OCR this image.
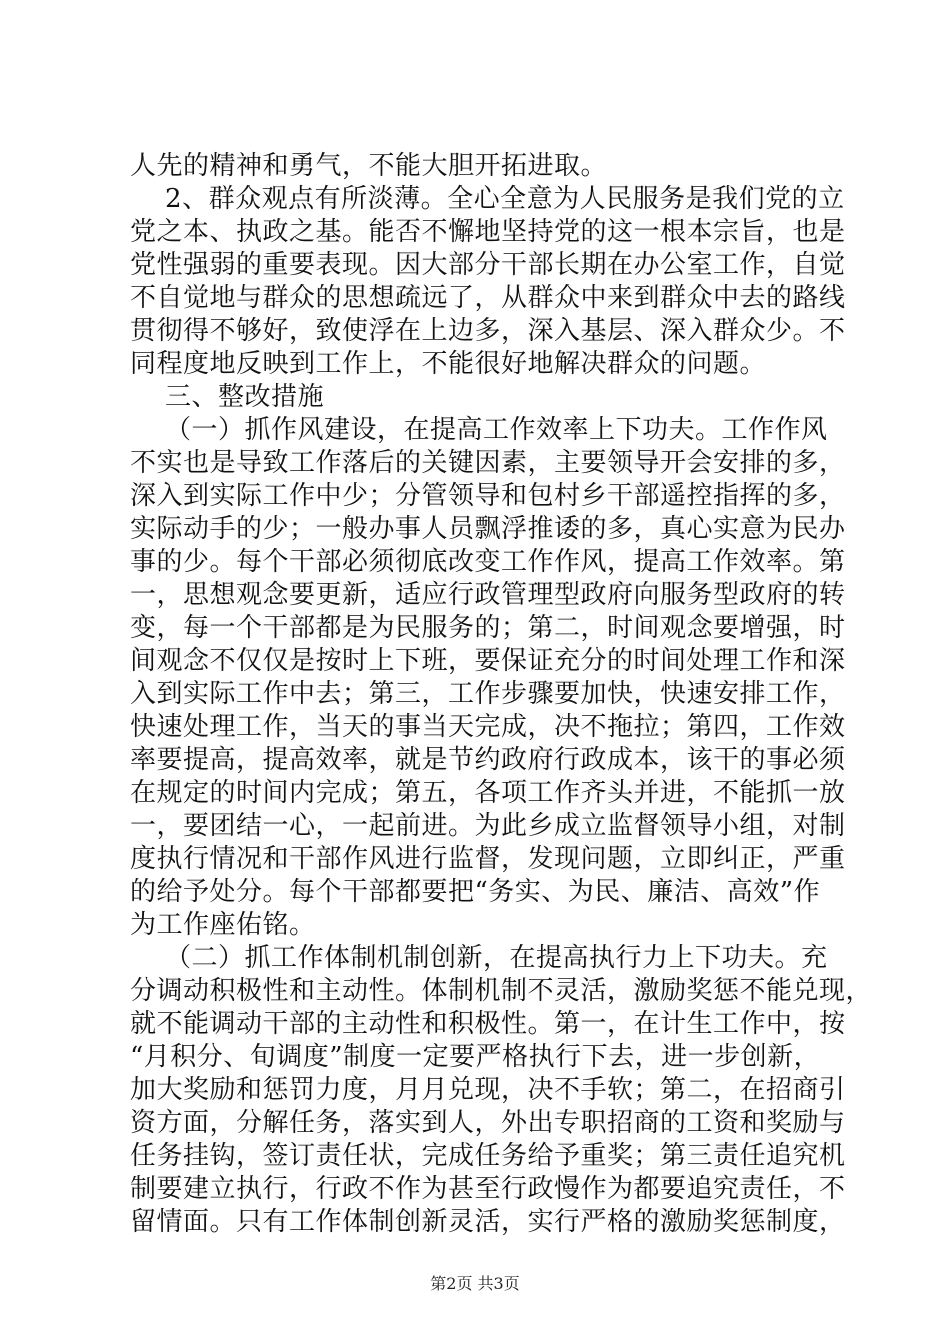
人先的精神和勇气，不能大胆开拓进取。
2、群众观点有所淡薄。全心全意为人民服务是我们党的立
党之本、执政之基。能否不懈地坚持党的这一根本宗旨，也是
党性强弱的重要表现。因大部分干部长期在办公室工作，自觉
不自觉地与群众的思想疏远了，从群众中来到群众中去的路线
贯彻得不够好，致使浮在上边多，深入基层、深入群众少。不
同程度地反映到工作上，不能很好地解决群众的问题。
三、整改措施
（一）抓作风建设，在提高工作效率上下功夫。工作作风
不实也是导致工作落后的关键因素，主要领导开会安排的多，
深入到实际工作中少；分管领导和包村乡干部遥控指挥的多，
实际动手的少；一般办事人员飘浮推诿的多，真心实意为民办
事的少。每个干部必须彻底改变工作作风，提高工作效率。第
一，思想观念要更新，适应行政管理型政府向服务型政府的转
变，每一个干部都是为民服务的；第二，时间观念要增强，时
间观念不仅仅是按时上下班，要保证充分的时间处理工作和深
入到实际工作中去；第三，工作步骤要加快，快速安排工作，
快速处理工作，当天的事当天完成，决不拖拉；第四，工作效
率要提高，提高效率，就是节约政府行政成本，该干的事必须
在规定的时间内完成；第五，各项工作齐头并进，不能抓一放
一，要团结一心，一起前进。为此乡成立监督领导小组，对制
度执行情况和干部作风进行监督，发现问题，立即纠正，严重
的给予处分。每个干部都要把“务实、为民、廉洁、高效”作
为工作座佑铭。
（二）抓工作体制机制创新，在提高执行力上下功夫。充
分调动积极性和主动性。体制机制不灵活，激励奖惩不能兑现，
就不能调动干部的主动性和积极性。第一，在计生工作中，按
“月积分、旬调度”制度一定要严格执行下去，进一步创新，
加大奖励和惩罚力度，月月兑现，决不手软；第二，在招商引
资方面，分解任务，落实到人，外出专职招商的工资和奖励与
任务挂钩，签订责任状，完成任务给予重奖；第三责任追究机
制要建立执行，行政不作为甚至行政慢作为都要追究责任，不
留情面。只有工作体制创新灵活，实行严格的激励奖惩制度，
第2页 共3页
